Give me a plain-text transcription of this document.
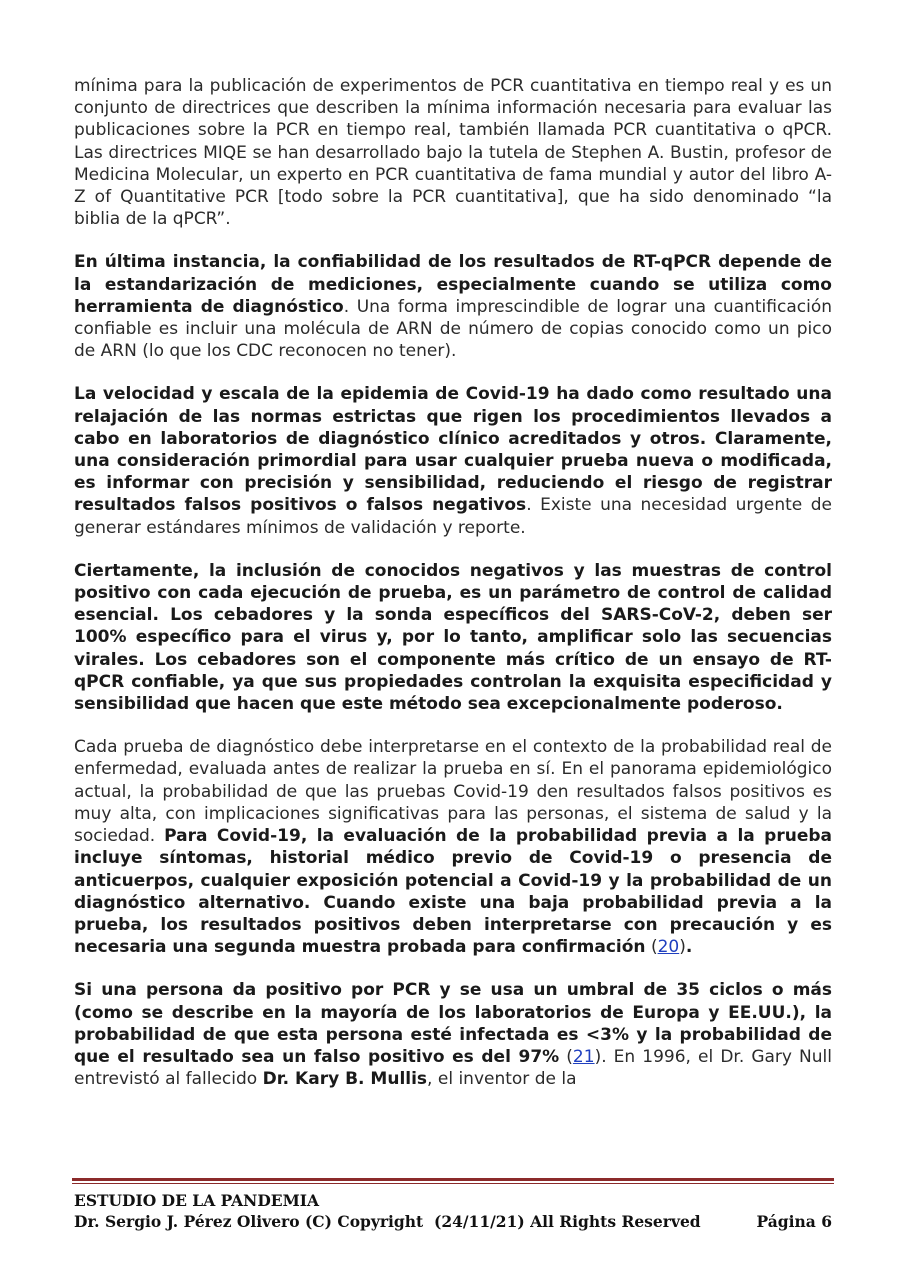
mínima para la publicación de experimentos de PCR cuantitativa en tiempo real y es un conjunto de directrices que describen la mínima información necesaria para evaluar las publicaciones sobre la PCR en tiempo real, también llamada PCR cuantitativa o qPCR. Las directrices MIQE se han desarrollado bajo la tutela de Stephen A. Bustin, profesor de Medicina Molecular, un experto en PCR cuantitativa de fama mundial y autor del libro A-Z of Quantitative PCR [todo sobre la PCR cuantitativa], que ha sido denominado “la biblia de la qPCR”.

En última instancia, la confiabilidad de los resultados de RT-qPCR depende de la estandarización de mediciones, especialmente cuando se utiliza como herramienta de diagnóstico. Una forma imprescindible de lograr una cuantificación confiable es incluir una molécula de ARN de número de copias conocido como un pico de ARN (lo que los CDC reconocen no tener).

La velocidad y escala de la epidemia de Covid-19 ha dado como resultado una relajación de las normas estrictas que rigen los procedimientos llevados a cabo en laboratorios de diagnóstico clínico acreditados y otros. Claramente, una consideración primordial para usar cualquier prueba nueva o modificada, es informar con precisión y sensibilidad, reduciendo el riesgo de registrar resultados falsos positivos o falsos negativos. Existe una necesidad urgente de generar estándares mínimos de validación y reporte.

Ciertamente, la inclusión de conocidos negativos y las muestras de control positivo con cada ejecución de prueba, es un parámetro de control de calidad esencial. Los cebadores y la sonda específicos del SARS-CoV-2, deben ser 100% específico para el virus y, por lo tanto, amplificar solo las secuencias virales. Los cebadores son el componente más crítico de un ensayo de RT-qPCR confiable, ya que sus propiedades controlan la exquisita especificidad y sensibilidad que hacen que este método sea excepcionalmente poderoso.

Cada prueba de diagnóstico debe interpretarse en el contexto de la probabilidad real de enfermedad, evaluada antes de realizar la prueba en sí. En el panorama epidemiológico actual, la probabilidad de que las pruebas Covid-19 den resultados falsos positivos es muy alta, con implicaciones significativas para las personas, el sistema de salud y la sociedad. Para Covid-19, la evaluación de la probabilidad previa a la prueba incluye síntomas, historial médico previo de Covid-19 o presencia de anticuerpos, cualquier exposición potencial a Covid-19 y la probabilidad de un diagnóstico alternativo. Cuando existe una baja probabilidad previa a la prueba, los resultados positivos deben interpretarse con precaución y es necesaria una segunda muestra probada para confirmación (20).

Si una persona da positivo por PCR y se usa un umbral de 35 ciclos o más (como se describe en la mayoría de los laboratorios de Europa y EE.UU.), la probabilidad de que esta persona esté infectada es <3% y la probabilidad de que el resultado sea un falso positivo es del 97% (21). En 1996, el Dr. Gary Null entrevistó al fallecido Dr. Kary B. Mullis, el inventor de la

ESTUDIO DE LA PANDEMIA
Dr. Sergio J. Pérez Olivero (C) Copyright  (24/11/21) All Rights Reserved	Página 6
